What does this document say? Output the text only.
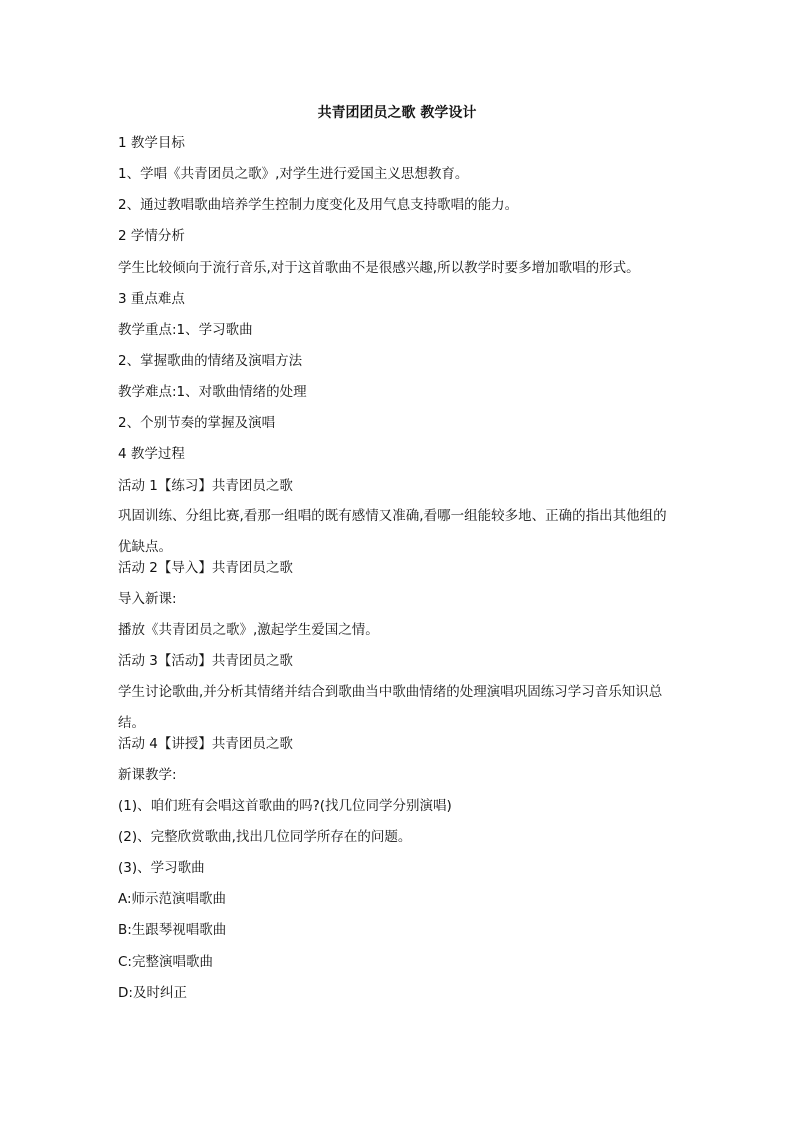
共青团团员之歌 教学设计

1 教学目标

1、学唱《共青团员之歌》,对学生进行爱国主义思想教育。

2、通过教唱歌曲培养学生控制力度变化及用气息支持歌唱的能力。

2 学情分析

学生比较倾向于流行音乐,对于这首歌曲不是很感兴趣,所以教学时要多增加歌唱的形式。

3 重点难点

教学重点:1、学习歌曲

2、掌握歌曲的情绪及演唱方法

教学难点:1、对歌曲情绪的处理

2、个别节奏的掌握及演唱

4 教学过程

活动 1【练习】共青团员之歌

巩固训练、分组比赛,看那一组唱的既有感情又准确,看哪一组能较多地、正确的指出其他组的优缺点。

活动 2【导入】共青团员之歌

导入新课:

播放《共青团员之歌》,激起学生爱国之情。

活动 3【活动】共青团员之歌

学生讨论歌曲,并分析其情绪并结合到歌曲当中歌曲情绪的处理演唱巩固练习学习音乐知识总结。

活动 4【讲授】共青团员之歌

新课教学:

(1)、咱们班有会唱这首歌曲的吗?(找几位同学分别演唱)

(2)、完整欣赏歌曲,找出几位同学所存在的问题。

(3)、学习歌曲

A:师示范演唱歌曲

B:生跟琴视唱歌曲

C:完整演唱歌曲

D:及时纠正
